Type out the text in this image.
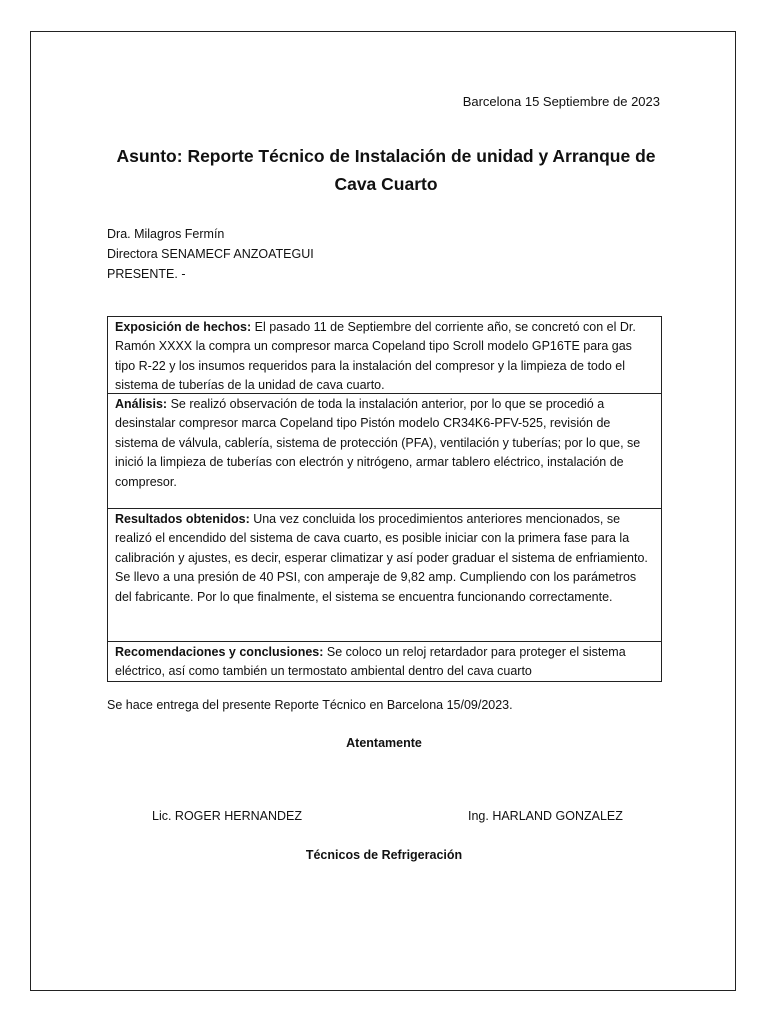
Barcelona 15 Septiembre de 2023
Asunto: Reporte Técnico de Instalación de unidad y Arranque de
Cava Cuarto
Dra. Milagros Fermín
Directora SENAMECF ANZOATEGUI
PRESENTE. -
Exposición de hechos: El pasado 11 de Septiembre del corriente año, se concretó con el Dr. Ramón XXXX la compra un compresor marca Copeland tipo Scroll modelo GP16TE para gas tipo R-22 y los insumos requeridos para la instalación del compresor y la limpieza de todo el sistema de tuberías de la unidad de cava cuarto.
Análisis: Se realizó observación de toda la instalación anterior, por lo que se procedió a desinstalar compresor marca Copeland tipo Pistón modelo CR34K6-PFV-525, revisión de sistema de válvula, cablería, sistema de protección (PFA), ventilación y tuberías; por lo que, se inició la limpieza de tuberías con electrón y nitrógeno, armar tablero eléctrico, instalación de compresor.
Resultados obtenidos: Una vez concluida los procedimientos anteriores mencionados, se realizó el encendido del sistema de cava cuarto, es posible iniciar con la primera fase para la calibración y ajustes, es decir, esperar climatizar y así poder graduar el sistema de enfriamiento. Se llevo a una presión de 40 PSI, con amperaje de 9,82 amp. Cumpliendo con los parámetros del fabricante. Por lo que finalmente, el sistema se encuentra funcionando correctamente.
Recomendaciones y conclusiones: Se coloco un reloj retardador para proteger el sistema eléctrico, así como también un termostato ambiental dentro del cava cuarto
Se hace entrega del presente Reporte Técnico en Barcelona 15/09/2023.
Atentamente
Lic. ROGER HERNANDEZ	Ing. HARLAND GONZALEZ
Técnicos de Refrigeración
